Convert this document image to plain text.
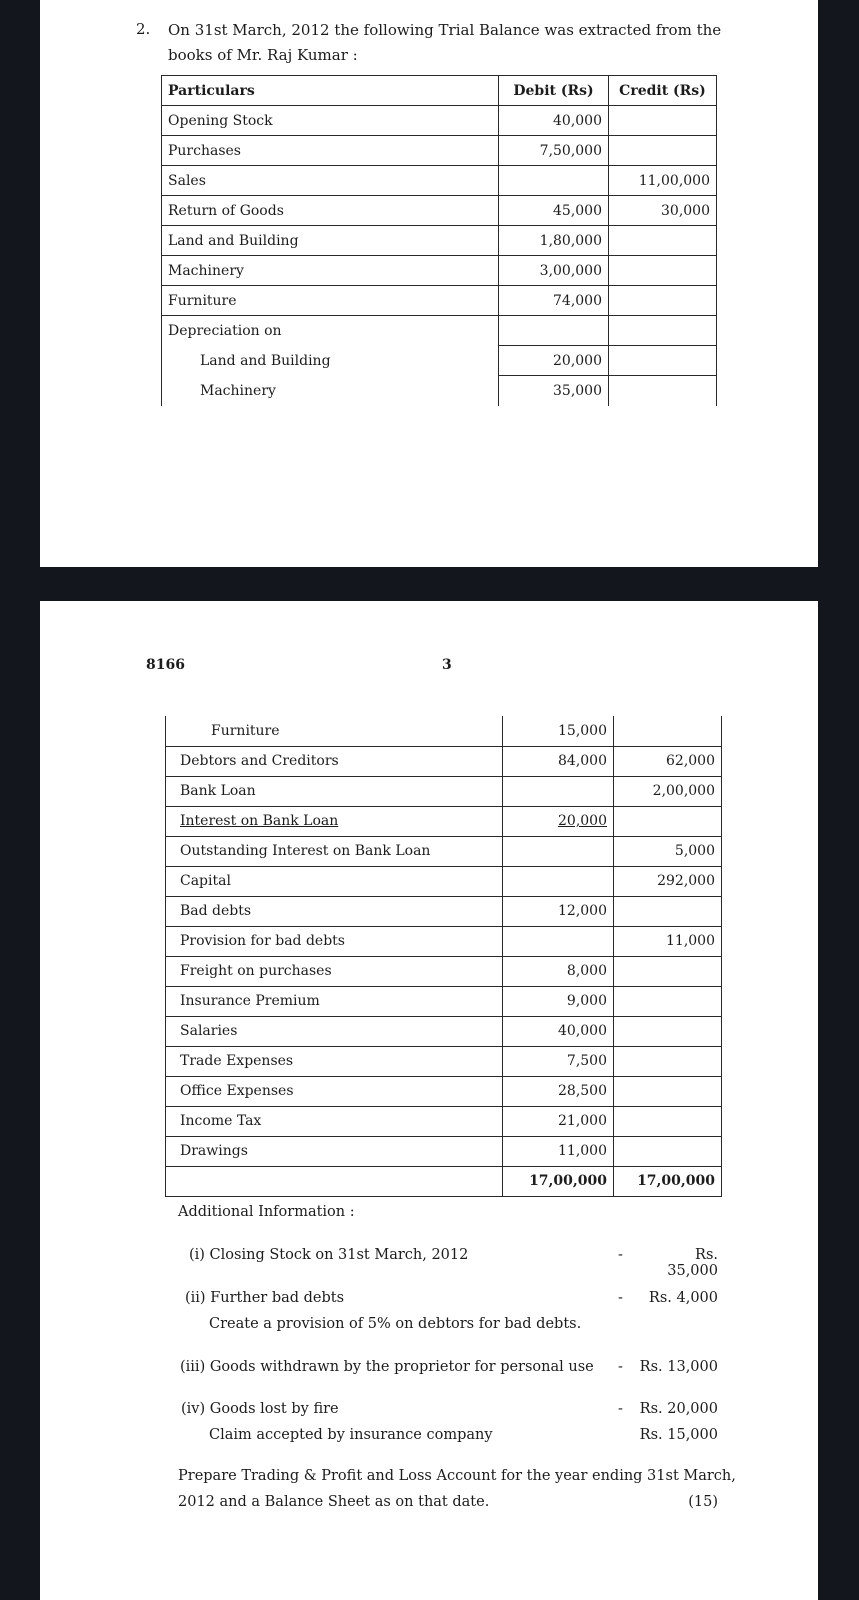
2. On 31st March, 2012 the following Trial Balance was extracted from the books of Mr. Raj Kumar :
Particulars	Debit (Rs)	Credit (Rs)
Opening Stock	40,000	
Purchases	7,50,000	
Sales		11,00,000
Return of Goods	45,000	30,000
Land and Building	1,80,000	
Machinery	3,00,000	
Furniture	74,000	
Depreciation on		
Land and Building	20,000	
Machinery	35,000	
8166	3
Furniture	15,000	
Debtors and Creditors	84,000	62,000
Bank Loan		2,00,000
Interest on Bank Loan	20,000	
Outstanding Interest on Bank Loan		5,000
Capital		292,000
Bad debts	12,000	
Provision for bad debts		11,000
Freight on purchases	8,000	
Insurance Premium	9,000	
Salaries	40,000	
Trade Expenses	7,500	
Office Expenses	28,500	
Income Tax	21,000	
Drawings	11,000	
	17,00,000	17,00,000
Additional Information :
(i) Closing Stock on 31st March, 2012	-	Rs. 35,000
(ii) Further bad debts	-	Rs. 4,000
Create a provision of 5% on debtors for bad debts.
(iii) Goods withdrawn by the proprietor for personal use -	Rs. 13,000
(iv) Goods lost by fire	-	Rs. 20,000
Claim accepted by insurance company	Rs. 15,000
Prepare Trading & Profit and Loss Account for the year ending 31st March,
2012 and a Balance Sheet as on that date.	(15)
